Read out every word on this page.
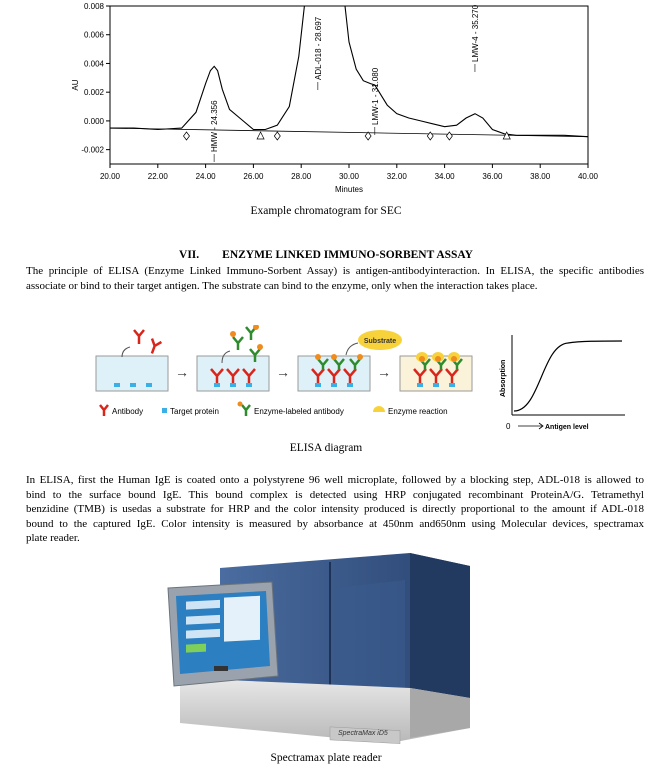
20.00	22.00	24.00	26.00	28.00	30.00	32.00	34.00	36.00	38.00	40.00
-0.002
0.000
0.002
0.004
0.006
0.008
Minutes
AU
HMW - 24.356
ADL-018 - 28.697
LMW-1 - 31.080
LMW-4 - 35.270
Example chromatogram for SEC
VII. ENZYME LINKED IMMUNO-SORBENT ASSAY
The principle of ELISA (Enzyme Linked Immuno-Sorbent Assay) is antigen-antibodyinteraction. In ELISA, the specific antibodies
associate or bind to their target antigen. The substrate can bind to the enzyme, only when the interaction takes place.
→	→
Substrate
→
Antibody	Target protein	Enzyme-labeled antibody	Enzyme reaction
Absorption
0	Antigen level
ELISA diagram
In ELISA, first the Human IgE is coated onto a polystyrene 96 well microplate, followed by a blocking step, ADL-018 is allowed to
bind to the surface bound IgE. This bound complex is detected using HRP conjugated recombinant ProteinA/G. Tetramethyl
benzidine (TMB) is usedas a substrate for HRP and the color intensity produced is directly proportional to the amount if ADL-018
bound to the captured IgE. Color intensity is measured by absorbance at 450nm and650nm using Molecular devices, spectramax
plate reader.
SpectraMax iD5
Spectramax plate reader
